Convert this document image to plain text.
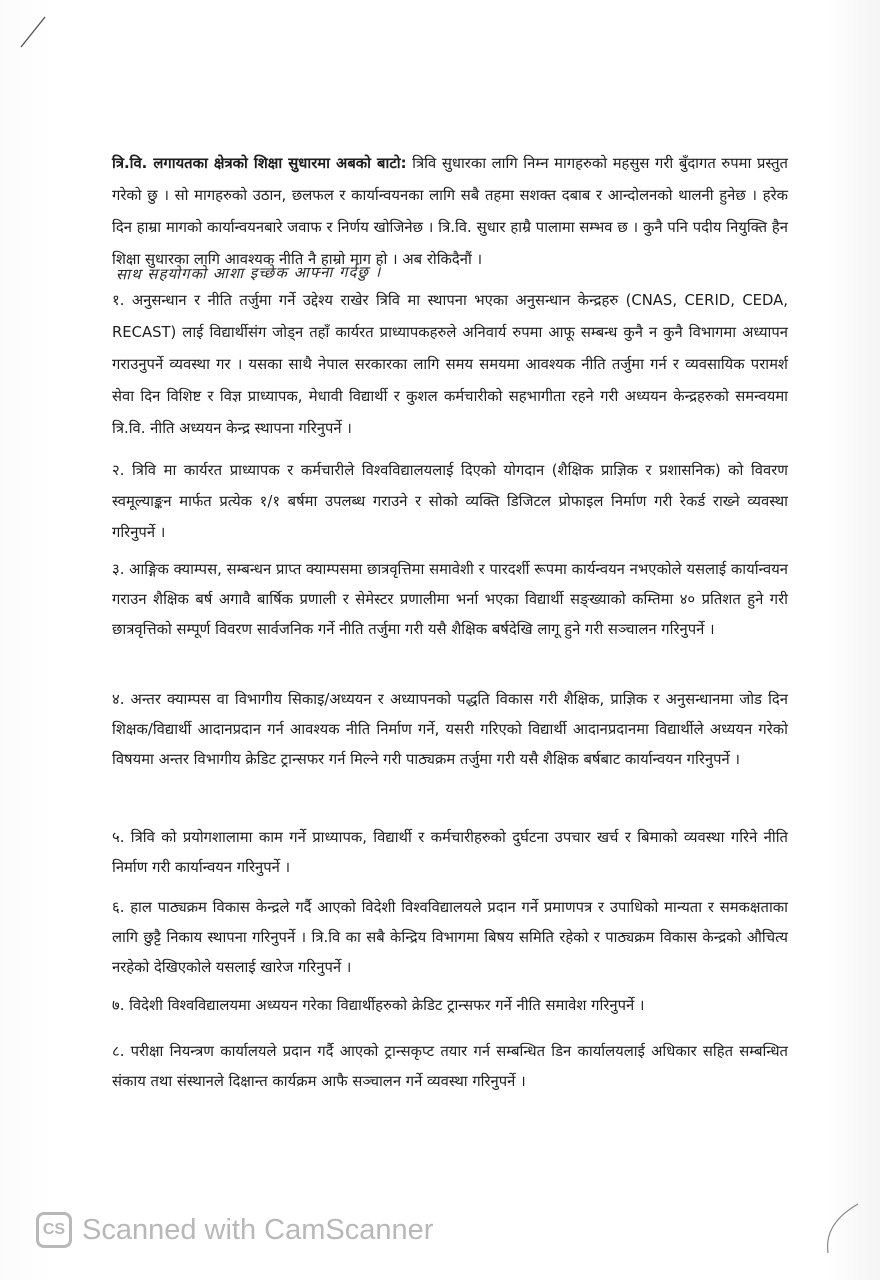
त्रि.वि. लगायतका क्षेत्रको शिक्षा सुधारमा अबको बाटो: त्रिवि सुधारका लागि निम्न मागहरुको महसुस गरी बुँदागत रुपमा प्रस्तुत गरेको छु । सो मागहरुको उठान, छलफल र कार्यान्वयनका लागि सबै तहमा सशक्त दबाब र आन्दोलनको थालनी हुनेछ । हरेक दिन हाम्रा मागको कार्यान्वयनबारे जवाफ र निर्णय खोजिनेछ । त्रि.वि. सुधार हाम्रै पालामा सम्भव छ । कुनै पनि पदीय नियुक्ति हैन शिक्षा सुधारका लागि आवश्यक नीति नै हाम्रो माग हो । अब रोकिदैनौं ।

साथ सहयोगको आशा इच्छेक आफ्ना गर्दछु ।

१. अनुसन्धान र नीति तर्जुमा गर्ने उद्देश्य राखेर त्रिवि मा स्थापना भएका अनुसन्धान केन्द्रहरु (CNAS, CERID, CEDA, RECAST) लाई विद्यार्थीसंग जोड्न तहाँ कार्यरत प्राध्यापकहरुले अनिवार्य रुपमा आफू सम्बन्ध कुनै न कुनै विभागमा अध्यापन गराउनुपर्ने व्यवस्था गर । यसका साथै नेपाल सरकारका लागि समय समयमा आवश्यक नीति तर्जुमा गर्न र व्यवसायिक परामर्श सेवा दिन विशिष्ट र विज्ञ प्राध्यापक, मेधावी विद्यार्थी र कुशल कर्मचारीको सहभागीता रहने गरी अध्ययन केन्द्रहरुको समन्वयमा त्रि.वि. नीति अध्ययन केन्द्र स्थापना गरिनुपर्ने ।

२. त्रिवि मा कार्यरत प्राध्यापक र कर्मचारीले विश्वविद्यालयलाई दिएको योगदान (शैक्षिक प्राज्ञिक र प्रशासनिक) को विवरण स्वमूल्याङ्कन मार्फत प्रत्येक १/१ बर्षमा उपलब्ध गराउने र सोको व्यक्ति डिजिटल प्रोफाइल निर्माण गरी रेकर्ड राख्ने व्यवस्था गरिनुपर्ने ।

३. आङ्गिक क्याम्पस, सम्बन्धन प्राप्त क्याम्पसमा छात्रवृत्तिमा समावेशी र पारदर्शी रूपमा कार्यन्वयन नभएकोले यसलाई कार्यान्वयन गराउन शैक्षिक बर्ष अगावै बार्षिक प्रणाली र सेमेस्टर प्रणालीमा भर्ना भएका विद्यार्थी सङ्ख्याको कम्तिमा ४० प्रतिशत हुने गरी छात्रवृत्तिको सम्पूर्ण विवरण सार्वजनिक गर्ने नीति तर्जुमा गरी यसै शैक्षिक बर्षदेखि लागू हुने गरी सञ्चालन गरिनुपर्ने ।

४. अन्तर क्याम्पस वा विभागीय सिकाइ/अध्ययन र अध्यापनको पद्धति विकास गरी शैक्षिक, प्राज्ञिक र अनुसन्धानमा जोड दिन शिक्षक/विद्यार्थी आदानप्रदान गर्न आवश्यक नीति निर्माण गर्ने, यसरी गरिएको विद्यार्थी आदानप्रदानमा विद्यार्थीले अध्ययन गरेको विषयमा अन्तर विभागीय क्रेडिट ट्रान्सफर गर्न मिल्ने गरी पाठ्यक्रम तर्जुमा गरी यसै शैक्षिक बर्षबाट कार्यान्वयन गरिनुपर्ने ।

५. त्रिवि को प्रयोगशालामा काम गर्ने प्राध्यापक, विद्यार्थी र कर्मचारीहरुको दुर्घटना उपचार खर्च र बिमाको व्यवस्था गरिने नीति निर्माण गरी कार्यान्वयन गरिनुपर्ने ।

६. हाल पाठ्यक्रम विकास केन्द्रले गर्दै आएको विदेशी विश्वविद्यालयले प्रदान गर्ने प्रमाणपत्र र उपाधिको मान्यता र समकक्षताका लागि छुट्टै निकाय स्थापना गरिनुपर्ने । त्रि.वि का सबै केन्द्रिय विभागमा बिषय समिति रहेको र पाठ्यक्रम विकास केन्द्रको औचित्य नरहेको देखिएकोले यसलाई खारेज गरिनुपर्ने ।

७. विदेशी विश्वविद्यालयमा अध्ययन गरेका विद्यार्थीहरुको क्रेडिट ट्रान्सफर गर्ने नीति समावेश गरिनुपर्ने ।

८. परीक्षा नियन्त्रण कार्यालयले प्रदान गर्दै आएको ट्रान्सकृप्ट तयार गर्न सम्बन्धित डिन कार्यालयलाई अधिकार सहित सम्बन्धित संकाय तथा संस्थानले दिक्षान्त कार्यक्रम आफै सञ्चालन गर्ने व्यवस्था गरिनुपर्ने ।

CS Scanned with CamScanner
